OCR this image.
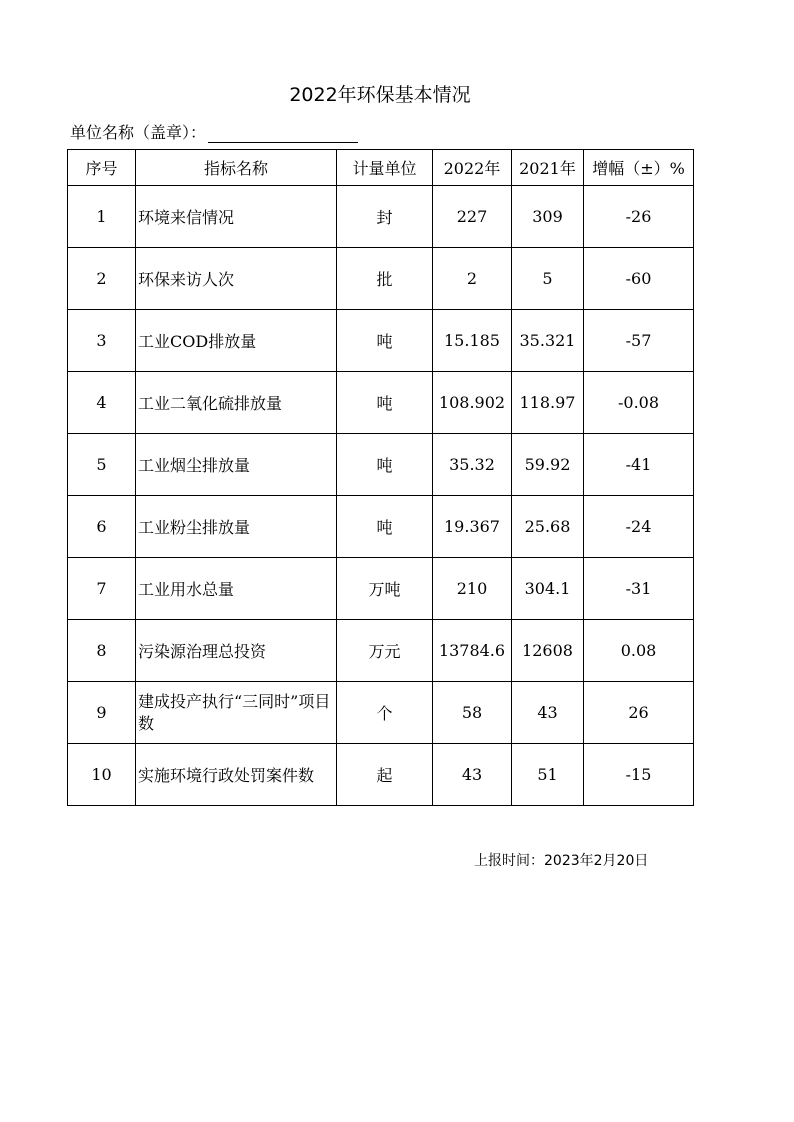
2022年环保基本情况
单位名称（盖章）：
序号	指标名称	计量单位	2022年	2021年	增幅（±）%
1	环境来信情况	封	227	309	-26
2	环保来访人次	批	2	5	-60
3	工业COD排放量	吨	15.185	35.321	-57
4	工业二氧化硫排放量	吨	108.902	118.97	-0.08
5	工业烟尘排放量	吨	35.32	59.92	-41
6	工业粉尘排放量	吨	19.367	25.68	-24
7	工业用水总量	万吨	210	304.1	-31
8	污染源治理总投资	万元	13784.6	12608	0.08
9	建成投产执行“三同时”项目数	个	58	43	26
10	实施环境行政处罚案件数	起	43	51	-15
上报时间：2023年2月20日
